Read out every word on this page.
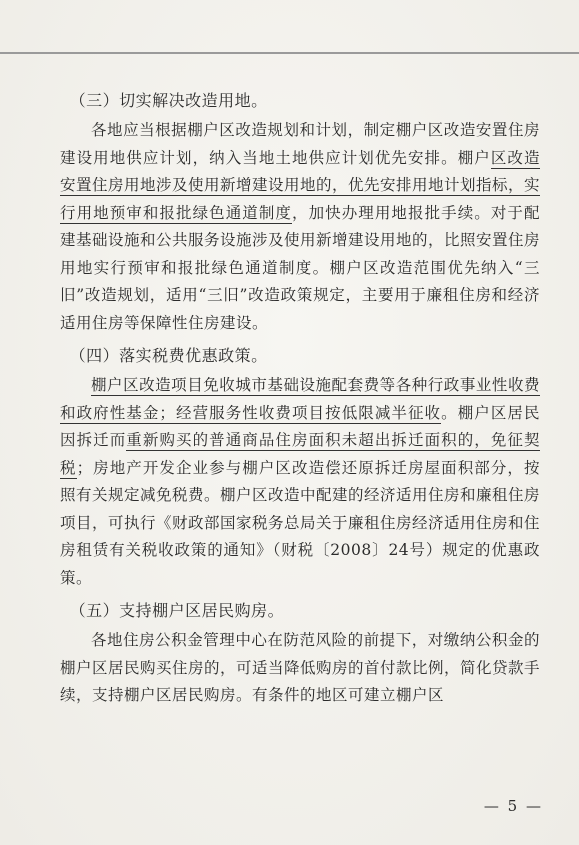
（三）切实解决改造用地。

各地应当根据棚户区改造规划和计划，制定棚户区改造安置住房建设用地供应计划，纳入当地土地供应计划优先安排。棚户区改造安置住房用地涉及使用新增建设用地的，优先安排用地计划指标，实行用地预审和报批绿色通道制度，加快办理用地报批手续。对于配建基础设施和公共服务设施涉及使用新增建设用地的，比照安置住房用地实行预审和报批绿色通道制度。棚户区改造范围优先纳入“三旧”改造规划，适用“三旧”改造政策规定，主要用于廉租住房和经济适用住房等保障性住房建设。

（四）落实税费优惠政策。

棚户区改造项目免收城市基础设施配套费等各种行政事业性收费和政府性基金；经营服务性收费项目按低限减半征收。棚户区居民因拆迁而重新购买的普通商品住房面积未超出拆迁面积的，免征契税；房地产开发企业参与棚户区改造偿还原拆迁房屋面积部分，按照有关规定减免税费。棚户区改造中配建的经济适用住房和廉租住房项目，可执行《财政部国家税务总局关于廉租住房经济适用住房和住房租赁有关税收政策的通知》（财税〔2008〕24号）规定的优惠政策。

（五）支持棚户区居民购房。

各地住房公积金管理中心在防范风险的前提下，对缴纳公积金的棚户区居民购买住房的，可适当降低购房的首付款比例，简化贷款手续，支持棚户区居民购房。有条件的地区可建立棚户区

— 5 —
